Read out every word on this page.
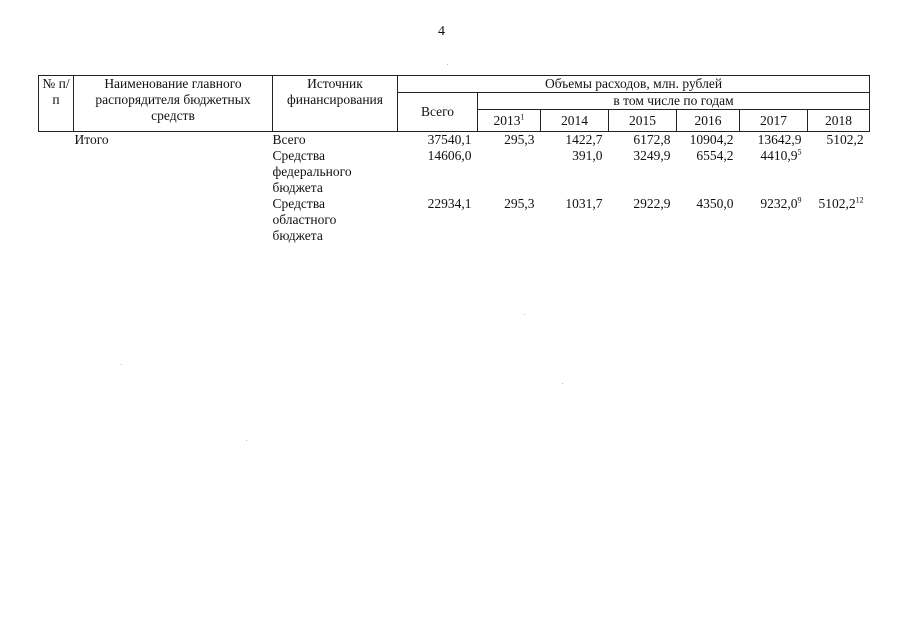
4
№ п/п	Наименование главного распорядителя бюджетных средств	Источник финансирования	Объемы расходов, млн. рублей						
			Всего	в том числе по годам					
				2013$^1$	2014	2015	2016	2017	2018
	Итого	Всего	37540,1	295,3	1422,7	6172,8	10904,2	13642,9	5102,2
		Средства федерального бюджета	14606,0		391,0	3249,9	6554,2	4410,9$^5$	
		Средства областного бюджета	22934,1	295,3	1031,7	2922,9	4350,0	9232,0$^9$	5102,2$^{12}$
